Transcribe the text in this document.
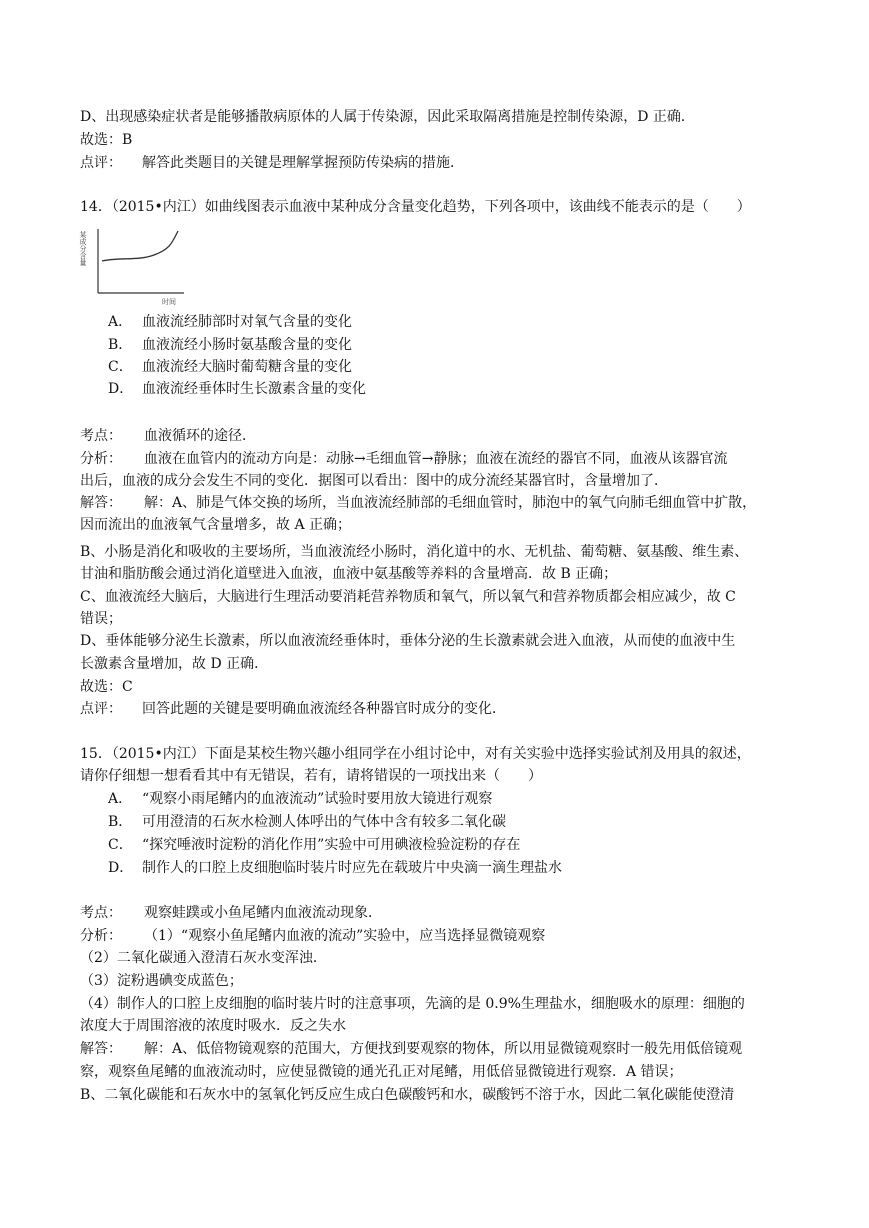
D、出现感染症状者是能够播散病原体的人属于传染源，因此采取隔离措施是控制传染源，D 正确．
故选：B
点评： 解答此类题目的关键是理解掌握预防传染病的措施．
14．（2015•内江）如曲线图表示血液中某种成分含量变化趋势，下列各项中，该曲线不能表示的是（　　）
某成分含量
时间
A． 血液流经肺部时对氧气含量的变化
B． 血液流经小肠时氨基酸含量的变化
C． 血液流经大脑时葡萄糖含量的变化
D． 血液流经垂体时生长激素含量的变化
考点： 血液循环的途径．
分析： 血液在血管内的流动方向是：动脉→毛细血管→静脉；血液在流经的器官不同，血液从该器官流
出后，血液的成分会发生不同的变化．据图可以看出：图中的成分流经某器官时，含量增加了．
解答： 解：A、肺是气体交换的场所，当血液流经肺部的毛细血管时，肺泡中的氧气向肺毛细血管中扩散，
因而流出的血液氧气含量增多，故 A 正确；
B、小肠是消化和吸收的主要场所，当血液流经小肠时，消化道中的水、无机盐、葡萄糖、氨基酸、维生素、
甘油和脂肪酸会通过消化道壁进入血液，血液中氨基酸等养料的含量增高．故 B 正确；
C、血液流经大脑后，大脑进行生理活动要消耗营养物质和氧气，所以氧气和营养物质都会相应减少，故 C
错误；
D、垂体能够分泌生长激素，所以血液流经垂体时，垂体分泌的生长激素就会进入血液，从而使的血液中生
长激素含量增加，故 D 正确．
故选：C
点评： 回答此题的关键是要明确血液流经各种器官时成分的变化．
15．（2015•内江）下面是某校生物兴趣小组同学在小组讨论中，对有关实验中选择实验试剂及用具的叙述，
请你仔细想一想看看其中有无错误，若有，请将错误的一项找出来（　　）
A． “观察小雨尾鳍内的血液流动”试验时要用放大镜进行观察
B． 可用澄清的石灰水检测人体呼出的气体中含有较多二氧化碳
C． “探究唾液时淀粉的消化作用”实验中可用碘液检验淀粉的存在
D． 制作人的口腔上皮细胞临时装片时应先在载玻片中央滴一滴生理盐水
考点： 观察蛙蹼或小鱼尾鳍内血液流动现象．
分析： （1）“观察小鱼尾鳍内血液的流动”实验中，应当选择显微镜观察
（2）二氧化碳通入澄清石灰水变浑浊．
（3）淀粉遇碘变成蓝色；
（4）制作人的口腔上皮细胞的临时装片时的注意事项，先滴的是 0.9%生理盐水，细胞吸水的原理：细胞的
浓度大于周围溶液的浓度时吸水．反之失水
解答： 解：A、低倍物镜观察的范围大，方便找到要观察的物体，所以用显微镜观察时一般先用低倍镜观
察，观察鱼尾鳍的血液流动时，应使显微镜的通光孔正对尾鳍，用低倍显微镜进行观察．A 错误；
B、二氧化碳能和石灰水中的氢氧化钙反应生成白色碳酸钙和水，碳酸钙不溶于水，因此二氧化碳能使澄清
